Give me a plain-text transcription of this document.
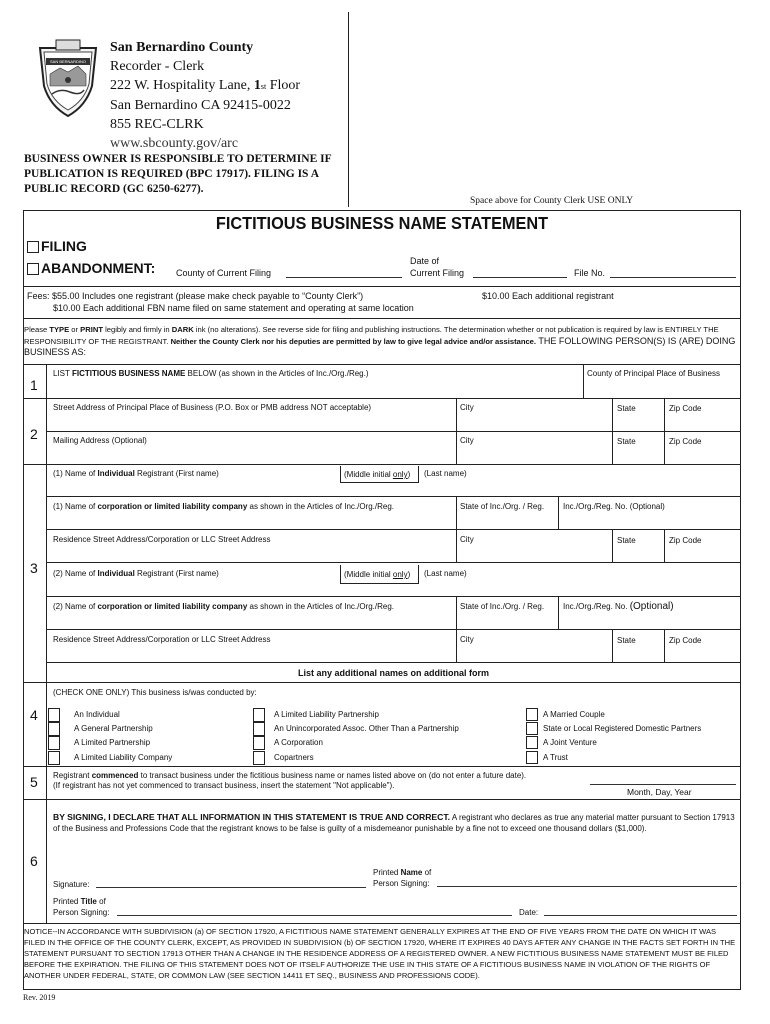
SAN BERNARDINO
San Bernardino County
Recorder - Clerk
222 W. Hospitality Lane, 1st Floor
San Bernardino CA 92415-0022
855 REC-CLRK
www.sbcounty.gov/arc
BUSINESS OWNER IS RESPONSIBLE TO DETERMINE IF PUBLICATION IS REQUIRED (BPC 17917). FILING IS A PUBLIC RECORD (GC 6250-6277).
Space above for County Clerk USE ONLY
FICTITIOUS BUSINESS NAME STATEMENT
FILING
ABANDONMENT: County of Current Filing
Date of
Current Filing	File No.
Fees: $55.00 Includes one registrant (please make check payable to “County Clerk”)	$10.00 Each additional registrant
$10.00 Each additional FBN name filed on same statement and operating at same location
Please TYPE or PRINT legibly and firmly in DARK ink (no alterations). See reverse side for filing and publishing instructions. The determination whether or not publication is required by law is ENTIRELY THE RESPONSIBILITY OF THE REGISTRANT. Neither the County Clerk nor his deputies are permitted by law to give legal advice and/or assistance. THE FOLLOWING PERSON(S) IS (ARE) DOING BUSINESS AS:
1
LIST FICTITIOUS BUSINESS NAME BELOW (as shown in the Articles of Inc./Org./Reg.)	County of Principal Place of Business
2
Street Address of Principal Place of Business (P.O. Box or PMB address NOT acceptable)	City	State	Zip Code
Mailing Address (Optional)	City	State	Zip Code
3
(1) Name of Individual Registrant (First name)	(Middle initial only) (Last name)
(1) Name of corporation or limited liability company as shown in the Articles of Inc./Org./Reg.	State of Inc./Org. / Reg. Inc./Org./Reg. No. (Optional)
Residence Street Address/Corporation or LLC Street Address	City	State	Zip Code
(2) Name of Individual Registrant (First name)	(Middle initial only) (Last name)
(2) Name of corporation or limited liability company as shown in the Articles of Inc./Org./Reg.	State of Inc./Org. / Reg. Inc./Org./Reg. No. (Optional)
Residence Street Address/Corporation or LLC Street Address	City	State	Zip Code
List any additional names on additional form
4
(CHECK ONE ONLY) This business is/was conducted by:
An Individual
A General Partnership
A Limited Partnership
A Limited Liability Company
A Limited Liability Partnership
An Unincorporated Assoc. Other Than a Partnership
A Corporation
Copartners
A Married Couple
State or Local Registered Domestic Partners
A Joint Venture
A Trust
5 Registrant commenced to transact business under the fictitious business name or names listed above on (do not enter a future date).
(If registrant has not yet commenced to transact business, insert the statement "Not applicable").
Month, Day, Year
6
BY SIGNING, I DECLARE THAT ALL INFORMATION IN THIS STATEMENT IS TRUE AND CORRECT. A registrant who declares as true any material matter pursuant to Section 17913 of the Business and Professions Code that the registrant knows to be false is guilty of a misdemeanor punishable by a fine not to exceed one thousand dollars ($1,000).
Printed Name of
Person Signing:
Signature:
Printed Title of
Person Signing:	Date:
NOTICE--IN ACCORDANCE WITH SUBDIVISION (a) OF SECTION 17920, A FICTITIOUS NAME STATEMENT GENERALLY EXPIRES AT THE END OF FIVE YEARS FROM THE DATE ON WHICH IT WAS FILED IN THE OFFICE OF THE COUNTY CLERK, EXCEPT, AS PROVIDED IN SUBDIVISION (b) OF SECTION 17920, WHERE IT EXPIRES 40 DAYS AFTER ANY CHANGE IN THE FACTS SET FORTH IN THE STATEMENT PURSUANT TO SECTION 17913 OTHER THAN A CHANGE IN THE RESIDENCE ADDRESS OF A REGISTERED OWNER. A NEW FICTITIOUS BUSINESS NAME STATEMENT MUST BE FILED BEFORE THE EXPIRATION. THE FILING OF THIS STATEMENT DOES NOT OF ITSELF AUTHORIZE THE USE IN THIS STATE OF A FICTITIOUS BUSINESS NAME IN VIOLATION OF THE RIGHTS OF ANOTHER UNDER FEDERAL, STATE, OR COMMON LAW (SEE SECTION 14411 ET SEQ., BUSINESS AND PROFESSIONS CODE).
Rev. 2019
